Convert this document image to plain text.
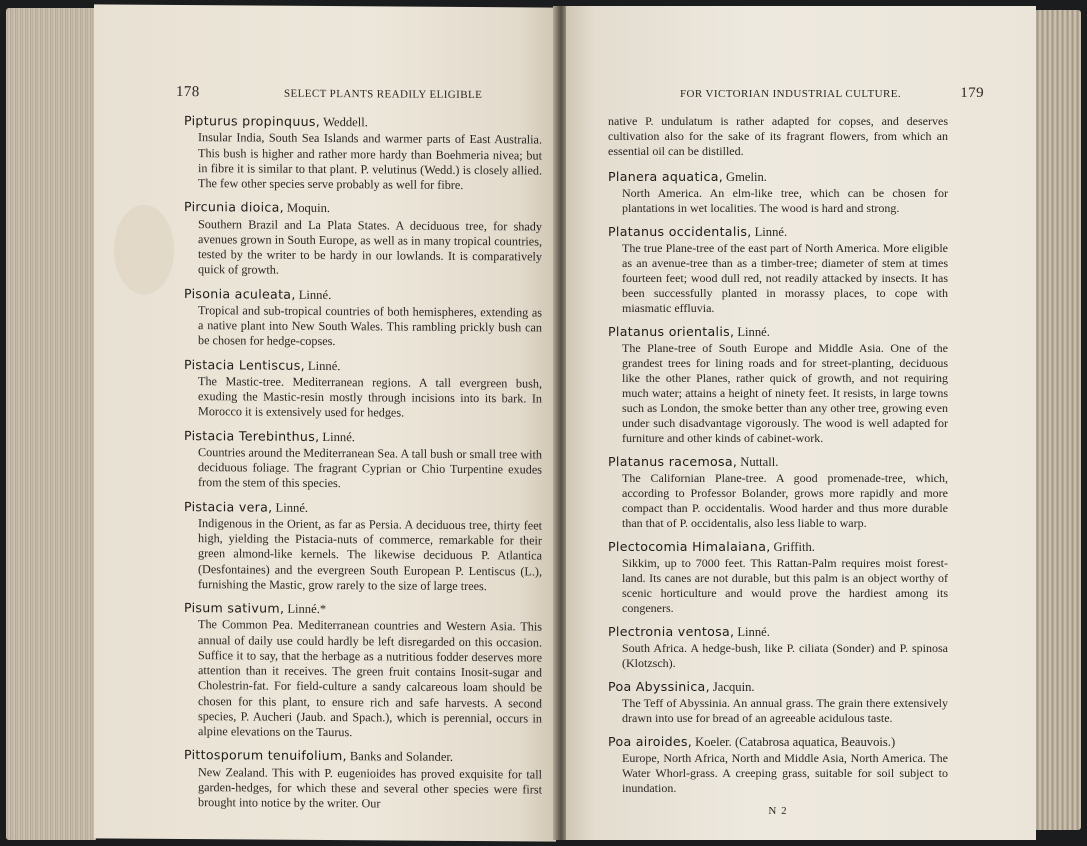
178	SELECT PLANTS READILY ELIGIBLE
Pipturus propinquus, Weddell.
Insular India, South Sea Islands and warmer parts of East Australia. This bush is higher and rather more hardy than Boehmeria nivea; but in fibre it is similar to that plant. P. velutinus (Wedd.) is closely allied. The few other species serve probably as well for fibre.
Pircunia dioica, Moquin.
Southern Brazil and La Plata States. A deciduous tree, for shady avenues grown in South Europe, as well as in many tropical countries, tested by the writer to be hardy in our lowlands. It is comparatively quick of growth.
Pisonia aculeata, Linné.
Tropical and sub-tropical countries of both hemispheres, extending as a native plant into New South Wales. This rambling prickly bush can be chosen for hedge-copses.
Pistacia Lentiscus, Linné.
The Mastic-tree. Mediterranean regions. A tall evergreen bush, exuding the Mastic-resin mostly through incisions into its bark. In Morocco it is extensively used for hedges.
Pistacia Terebinthus, Linné.
Countries around the Mediterranean Sea. A tall bush or small tree with deciduous foliage. The fragrant Cyprian or Chio Turpentine exudes from the stem of this species.
Pistacia vera, Linné.
Indigenous in the Orient, as far as Persia. A deciduous tree, thirty feet high, yielding the Pistacia-nuts of commerce, remarkable for their green almond-like kernels. The likewise deciduous P. Atlantica (Desfontaines) and the evergreen South European P. Lentiscus (L.), furnishing the Mastic, grow rarely to the size of large trees.
Pisum sativum, Linné.*
The Common Pea. Mediterranean countries and Western Asia. This annual of daily use could hardly be left disregarded on this occasion. Suffice it to say, that the herbage as a nutritious fodder deserves more attention than it receives. The green fruit contains Inosit-sugar and Cholestrin-fat. For field-culture a sandy calcareous loam should be chosen for this plant, to ensure rich and safe harvests. A second species, P. Aucheri (Jaub. and Spach.), which is perennial, occurs in alpine elevations on the Taurus.
Pittosporum tenuifolium, Banks and Solander.
New Zealand. This with P. eugenioides has proved exquisite for tall garden-hedges, for which these and several other species were first brought into notice by the writer. Our
FOR VICTORIAN INDUSTRIAL CULTURE.	179
native P. undulatum is rather adapted for copses, and deserves cultivation also for the sake of its fragrant flowers, from which an essential oil can be distilled.
Planera aquatica, Gmelin.
North America. An elm-like tree, which can be chosen for plantations in wet localities. The wood is hard and strong.
Platanus occidentalis, Linné.
The true Plane-tree of the east part of North America. More eligible as an avenue-tree than as a timber-tree; diameter of stem at times fourteen feet; wood dull red, not readily attacked by insects. It has been successfully planted in morassy places, to cope with miasmatic effluvia.
Platanus orientalis, Linné.
The Plane-tree of South Europe and Middle Asia. One of the grandest trees for lining roads and for street-planting, deciduous like the other Planes, rather quick of growth, and not requiring much water; attains a height of ninety feet. It resists, in large towns such as London, the smoke better than any other tree, growing even under such disadvantage vigorously. The wood is well adapted for furniture and other kinds of cabinet-work.
Platanus racemosa, Nuttall.
The Californian Plane-tree. A good promenade-tree, which, according to Professor Bolander, grows more rapidly and more compact than P. occidentalis. Wood harder and thus more durable than that of P. occidentalis, also less liable to warp.
Plectocomia Himalaiana, Griffith.
Sikkim, up to 7000 feet. This Rattan-Palm requires moist forest-land. Its canes are not durable, but this palm is an object worthy of scenic horticulture and would prove the hardiest among its congeners.
Plectronia ventosa, Linné.
South Africa. A hedge-bush, like P. ciliata (Sonder) and P. spinosa (Klotzsch).
Poa Abyssinica, Jacquin.
The Teff of Abyssinia. An annual grass. The grain there extensively drawn into use for bread of an agreeable acidulous taste.
Poa airoides, Koeler. (Catabrosa aquatica, Beauvois.)
Europe, North Africa, North and Middle Asia, North America. The Water Whorl-grass. A creeping grass, suitable for soil subject to inundation.
N 2
